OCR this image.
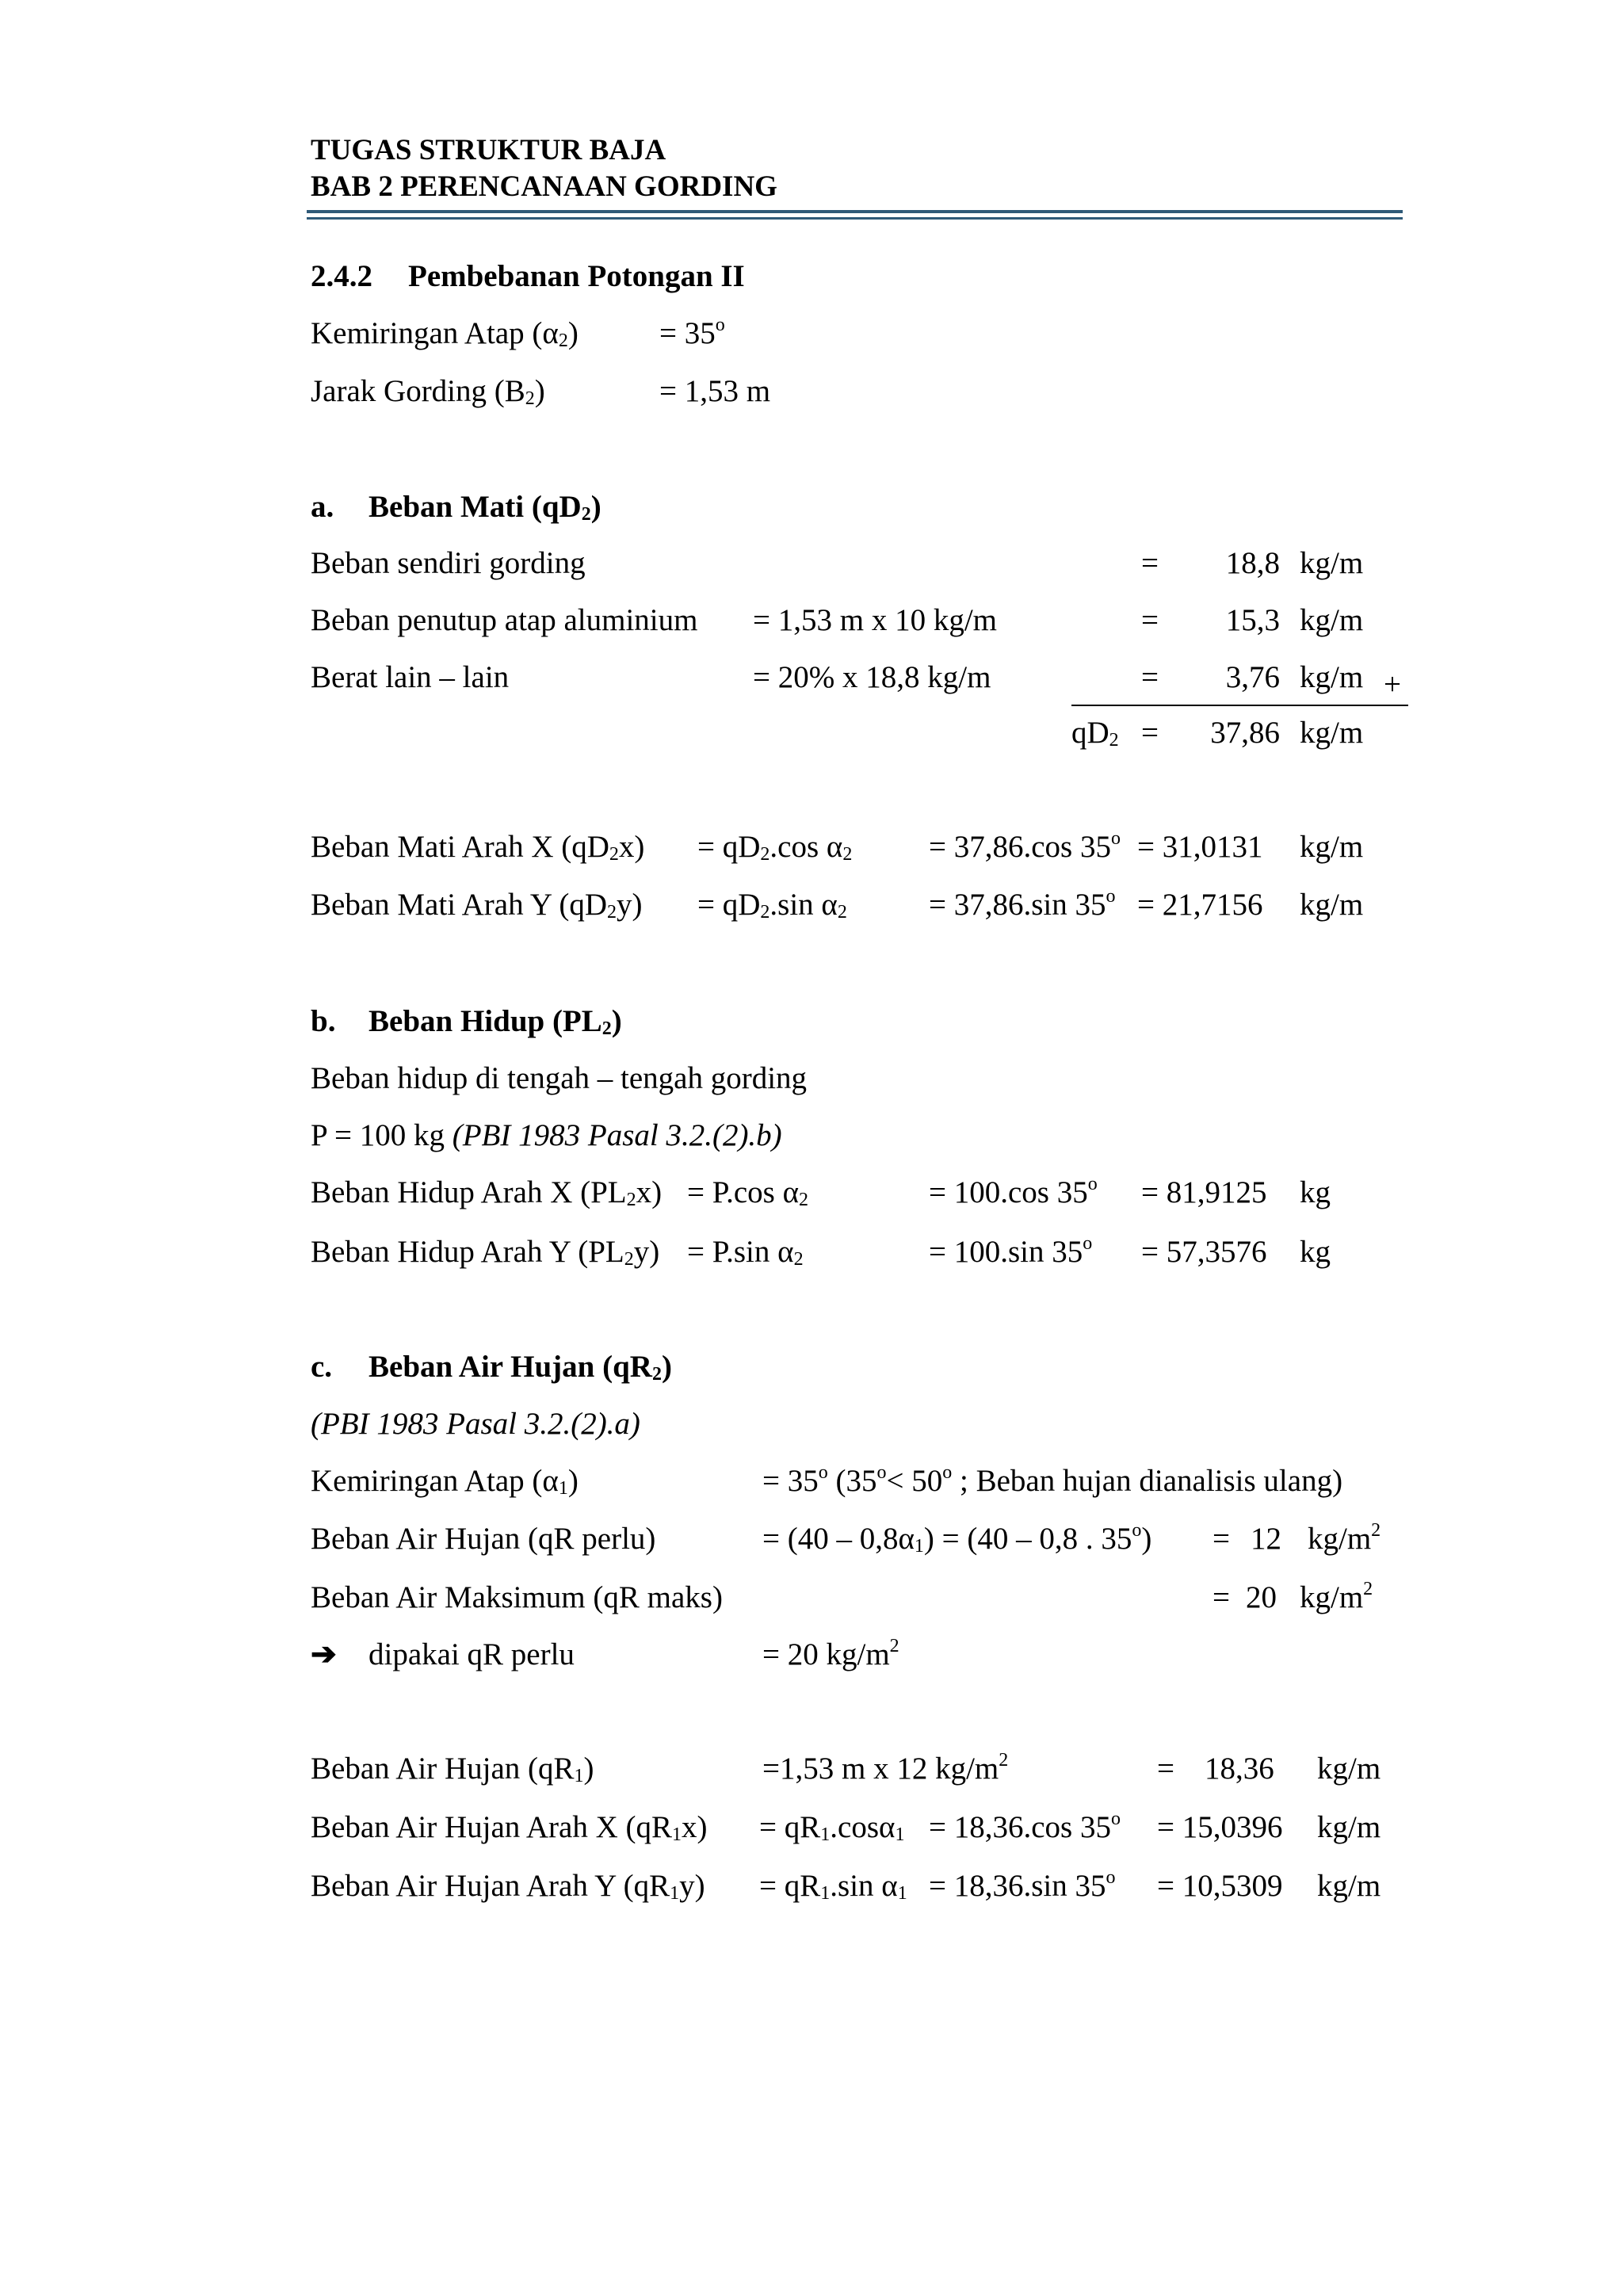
TUGAS STRUKTUR BAJA
BAB 2 PERENCANAAN GORDING
2.4.2 Pembebanan Potongan II
Kemiringan Atap $(\alpha_2)$	= $35^o$
Jarak Gording $(B_2)$	= 1,53 m
a. Beban Mati $(qD_2)$
Beban sendiri gording	=	18,8 kg/m
Beban penutup atap aluminium = 1,53 m x 10 kg/m	=	15,3 kg/m
Berat lain – lain	= 20% x 18,8 kg/m	=	3,76 kg/m +
$qD_2$ =	37,86 kg/m
Beban Mati Arah X $(qD_2x) = qD_2.\cos$ $\alpha_2 = 37,86.\cos$ $35^o = 31,0131$ kg/m
Beban Mati Arah Y $(qD_2y) = qD_2.\sin$ $\alpha_2$	= 37,86.sin $35^o = 21,7156$ kg/m
b. Beban Hidup $(PL_2)$
Beban hidup di tengah – tengah gording
P = 100 kg (PBI 1983 Pasal 3.2.(2).b)
Beban Hidup Arah X $(PL_2x) = P.\cos$ $\alpha_2$	= 100.cos $35^o = 81,9125$ kg
Beban Hidup Arah Y $(PL_2y) = P.\sin$ $\alpha_2$	= 100.sin $35^o = 57,3576$ kg
c. Beban Air Hujan $(qR_2)$
(PBI 1983 Pasal 3.2.(2).a)
Kemiringan Atap $(\alpha_1)$	= $35^o$ ($35^o< 50^o$ ; Beban hujan dianalisis ulang)
Beban Air Hujan (qR perlu)	= $(40 - 0,8\alpha_1) = (40 - 0,8$ . $35^o) = 12$ $kg/m^2$
Beban Air Maksimum (qR maks)	= 20 $kg/m^2$
➔ dipakai qR perlu	= 20 $kg/m^2$
Beban Air Hujan $(qR_1)$	=1,53 m x 12 $kg/m^2$	= 18,36 kg/m
Beban Air Hujan Arah X $(qR_1x) = qR_1.\cos\alpha_1 = 18,36.\cos$ $35^o = 15,0396$ kg/m
Beban Air Hujan Arah Y $(qR_1y) = qR_1.\sin$ $\alpha_1 = 18,36.\sin$ $35^o = 10,5309$ kg/m
